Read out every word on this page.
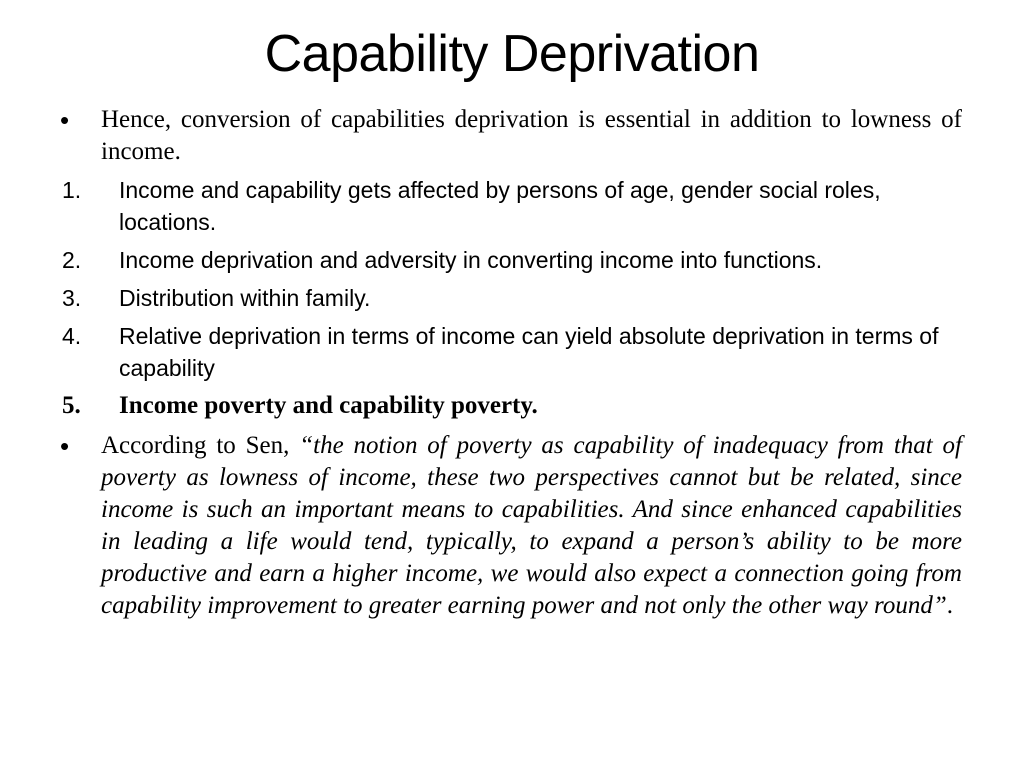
Capability Deprivation
• Hence, conversion of capabilities deprivation is essential in addition to lowness of income.
1. Income and capability gets affected by persons of age, gender social roles, locations.
2. Income deprivation and adversity in converting income into functions.
3. Distribution within family.
4. Relative deprivation in terms of income can yield absolute deprivation in terms of capability
5. Income poverty and capability poverty.
• According to Sen, “the notion of poverty as capability of inadequacy from that of poverty as lowness of income, these two perspectives cannot but be related, since income is such an important means to capabilities. And since enhanced capabilities in leading a life would tend, typically, to expand a person’s ability to be more productive and earn a higher income, we would also expect a connection going from capability improvement to greater earning power and not only the other way round”.
